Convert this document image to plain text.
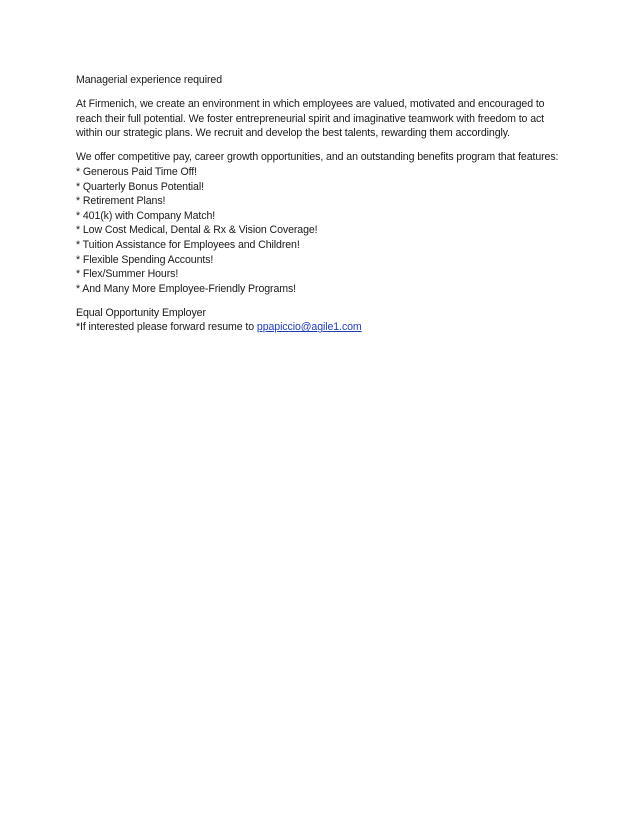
Managerial experience required

At Firmenich, we create an environment in which employees are valued, motivated and encouraged to reach their full potential. We foster entrepreneurial spirit and imaginative teamwork with freedom to act within our strategic plans. We recruit and develop the best talents, rewarding them accordingly.

We offer competitive pay, career growth opportunities, and an outstanding benefits program that features:
* Generous Paid Time Off!
* Quarterly Bonus Potential!
* Retirement Plans!
* 401(k) with Company Match!
* Low Cost Medical, Dental & Rx & Vision Coverage!
* Tuition Assistance for Employees and Children!
* Flexible Spending Accounts!
* Flex/Summer Hours!
* And Many More Employee-Friendly Programs!
Equal Opportunity Employer
*If interested please forward resume to ppapiccio@agile1.com
